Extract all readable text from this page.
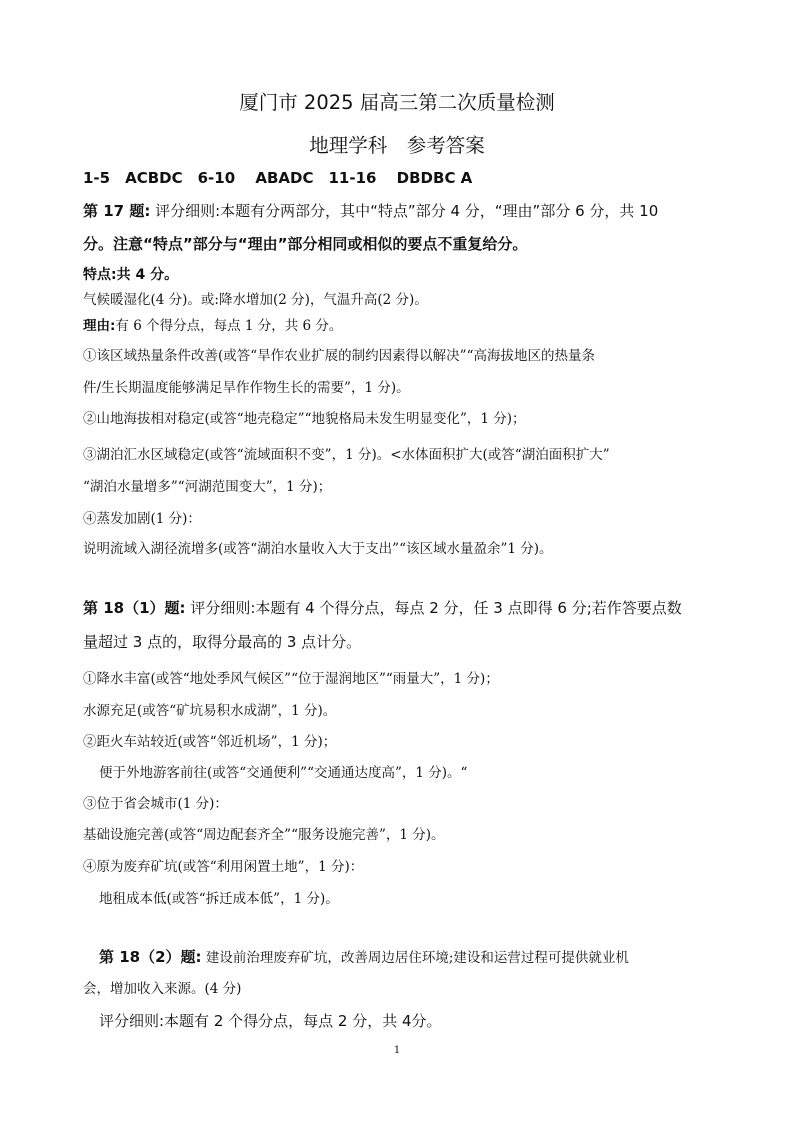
厦门市 2025 届高三第二次质量检测
地理学科　参考答案
1-5　ACBDC　6-10　 ABADC　11-16　 DBDBC A
第 17 题: 评分细则:本题有分两部分，其中“特点”部分 4 分，“理由”部分 6 分，共 10
分。注意“特点”部分与“理由”部分相同或相似的要点不重复给分。
特点:共 4 分。
气候暖湿化(4 分)。或:降水增加(2 分)，气温升高(2 分)。
理由:有 6 个得分点，每点 1 分，共 6 分。
①该区域热量条件改善(或答“旱作农业扩展的制约因素得以解决”“高海拔地区的热量条
件/生长期温度能够满足旱作作物生长的需要”，1 分)。
②山地海拔相对稳定(或答“地壳稳定”“地貌格局未发生明显变化”，1 分)；
③湖泊汇水区域稳定(或答“流域面积不变”，1 分)。<水体面积扩大(或答“湖泊面积扩大”
“湖泊水量增多”“河湖范围变大”，1 分)；
④蒸发加剧(1 分)：
说明流域入湖径流增多(或答“湖泊水量收入大于支出”“该区域水量盈余”1 分)。
第 18（1）题: 评分细则:本题有 4 个得分点，每点 2 分，任 3 点即得 6 分;若作答要点数
量超过 3 点的，取得分最高的 3 点计分。
①降水丰富(或答“地处季风气候区”“位于湿润地区”“雨量大”，1 分)；
水源充足(或答“矿坑易积水成湖”，1 分)。
②距火车站较近(或答“邻近机场”，1 分)；
便于外地游客前往(或答“交通便利”“交通通达度高”，1 分)。“
③位于省会城市(1 分)：
基础设施完善(或答“周边配套齐全”“服务设施完善”，1 分)。
④原为废弃矿坑(或答“利用闲置土地”，1 分)：
地租成本低(或答“拆迁成本低”，1 分)。
第 18（2）题: 建设前治理废弃矿坑，改善周边居住环境;建设和运营过程可提供就业机
会，增加收入来源。(4 分)
评分细则:本题有 2 个得分点，每点 2 分，共 4分。
1
